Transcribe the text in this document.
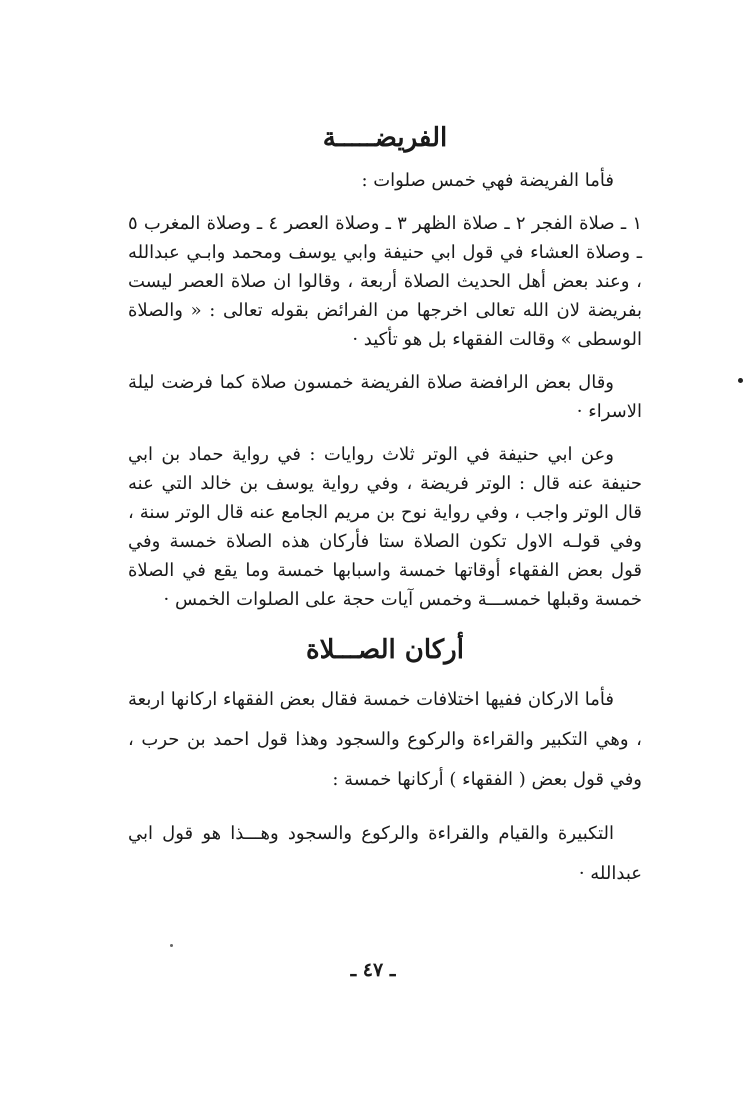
الفريضـــــة

فأما الفريضة فهي خمس صلوات :

١ ـ صلاة الفجر ٢ ـ صلاة الظهر ٣ ـ وصلاة العصر ٤ ـ وصلاة المغرب ٥ ـ وصلاة العشاء في قول ابي حنيفة وابي يوسف ومحمد وابـي عبدالله ، وعند بعض أهل الحديث الصلاة أربعة ، وقالوا ان صلاة العصر ليست بفريضة لان الله تعالى اخرجها من الفرائض بقوله تعالى : « والصلاة الوسطى » وقالت الفقهاء بل هو تأكيد ·

وقال بعض الرافضة صلاة الفريضة خمسون صلاة كما فرضت ليلة الاسراء ·

وعن ابي حنيفة في الوتر ثلاث روايات : في رواية حماد بن ابي حنيفة عنه قال : الوتر فريضة ، وفي رواية يوسف بن خالد التي عنه قال الوتر واجب ، وفي رواية نوح بن مريم الجامع عنه قال الوتر سنة ، وفي قولـه الاول تكون الصلاة ستا فأركان هذه الصلاة خمسة وفي قول بعض الفقهاء أوقاتها خمسة واسبابها خمسة وما يقع في الصلاة خمسة وقبلها خمســـة وخمس آيات حجة على الصلوات الخمس ·

أركان الصـــلاة

فأما الاركان ففيها اختلافات خمسة فقال بعض الفقهاء اركانها اربعة ، وهي التكبير والقراءة والركوع والسجود وهذا قول احمد بن حرب ، وفي قول بعض ( الفقهاء ) أركانها خمسة :

التكبيرة والقيام والقراءة والركوع والسجود وهـــذا هو قول ابي عبدالله ·

ـ ٤٧ ـ
